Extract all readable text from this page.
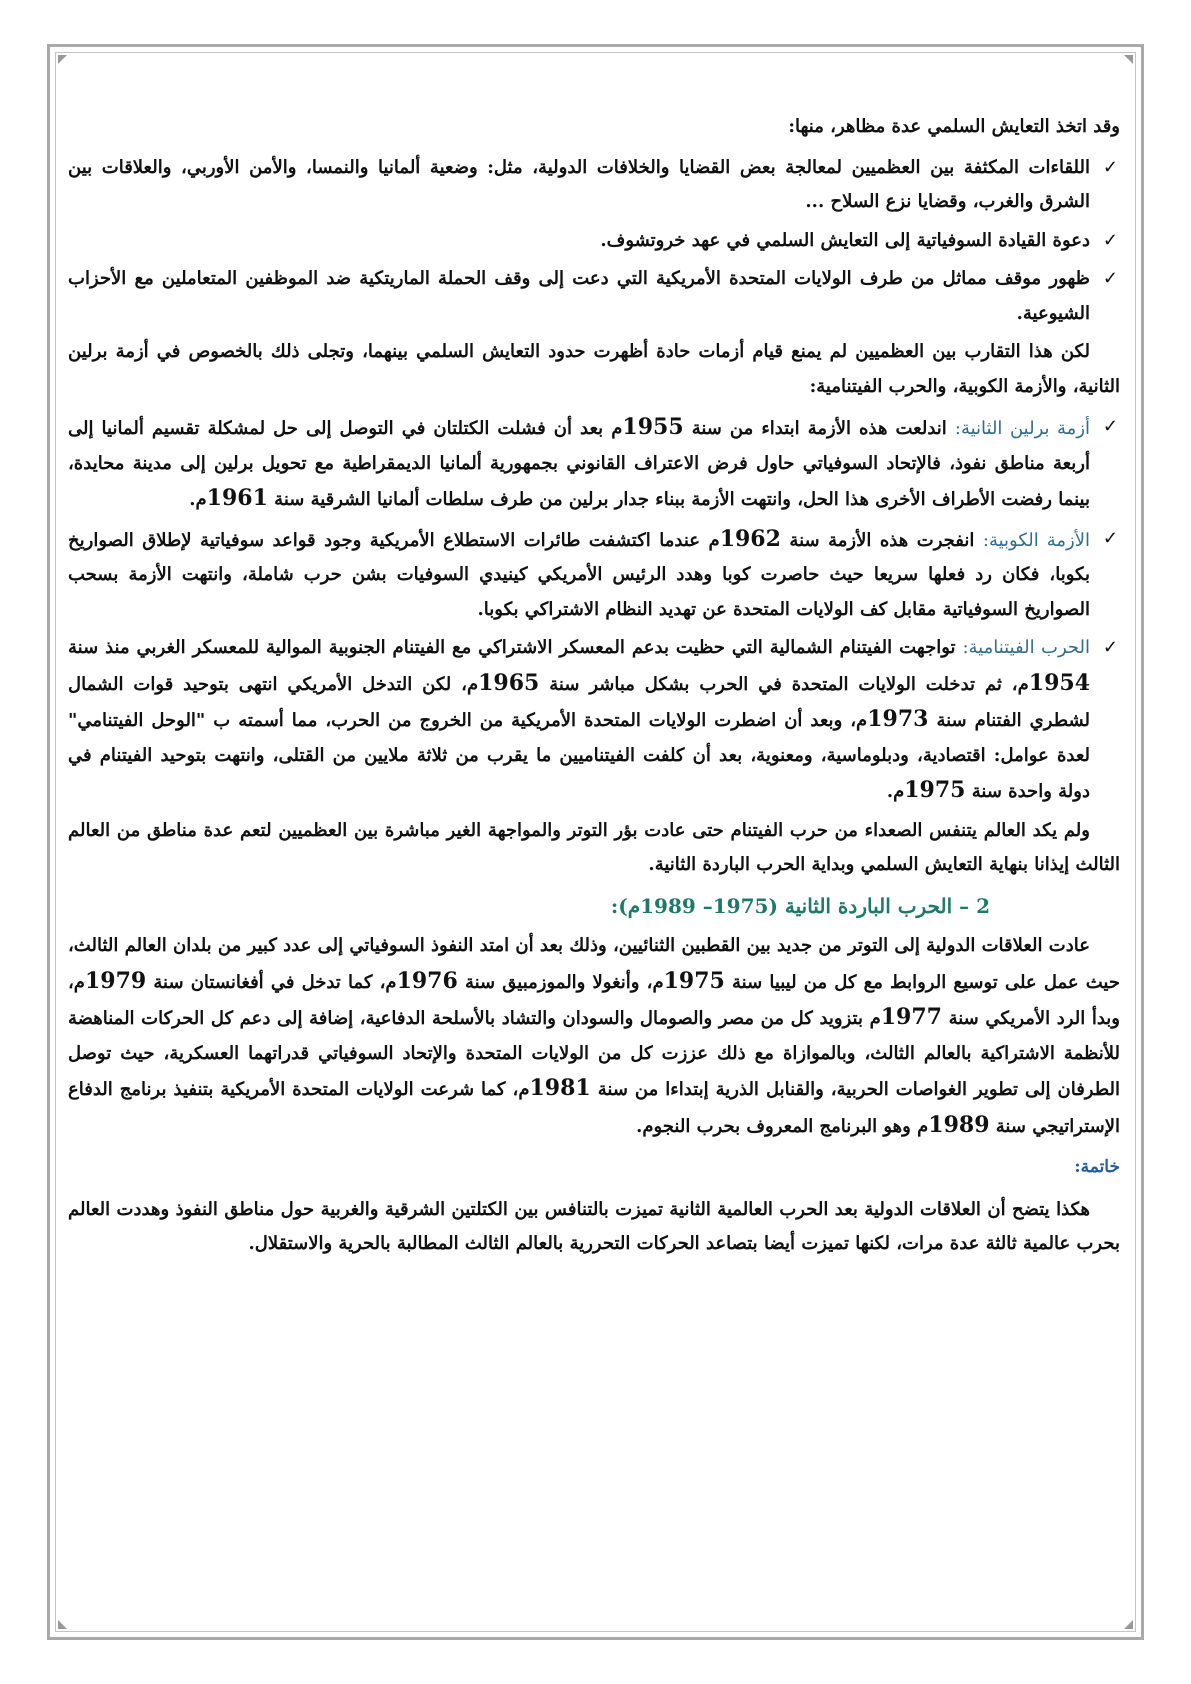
وقد اتخذ التعايش السلمي عدة مظاهر، منها:

✓
اللقاءات المكثفة بين العظميين لمعالجة بعض القضايا والخلافات الدولية، مثل: وضعية ألمانيا والنمسا، والأمن الأوربي، والعلاقات بين الشرق والغرب، وقضايا نزع السلاح ...
✓
دعوة القيادة السوفياتية إلى التعايش السلمي في عهد خروتشوف.
✓
ظهور موقف مماثل من طرف الولايات المتحدة الأمريكية التي دعت إلى وقف الحملة الماريتكية ضد الموظفين المتعاملين مع الأحزاب الشيوعية.

لكن هذا التقارب بين العظميين لم يمنع قيام أزمات حادة أظهرت حدود التعايش السلمي بينهما، وتجلى ذلك بالخصوص في أزمة برلين الثانية، والأزمة الكوبية، والحرب الفيتنامية:

✓
أزمة برلين الثانية: اندلعت هذه الأزمة ابتداء من سنة 1955م بعد أن فشلت الكتلتان في التوصل إلى حل لمشكلة تقسيم ألمانيا إلى أربعة مناطق نفوذ، فالإتحاد السوفياتي حاول فرض الاعتراف القانوني بجمهورية ألمانيا الديمقراطية مع تحويل برلين إلى مدينة محايدة، بينما رفضت الأطراف الأخرى هذا الحل، وانتهت الأزمة ببناء جدار برلين من طرف سلطات ألمانيا الشرقية سنة 1961م.
✓
الأزمة الكوبية: انفجرت هذه الأزمة سنة 1962م عندما اكتشفت طائرات الاستطلاع الأمريكية وجود قواعد سوفياتية لإطلاق الصواريخ بكوبا، فكان رد فعلها سريعا حيث حاصرت كوبا وهدد الرئيس الأمريكي كينيدي السوفيات بشن حرب شاملة، وانتهت الأزمة بسحب الصواريخ السوفياتية مقابل كف الولايات المتحدة عن تهديد النظام الاشتراكي بكوبا.
✓
الحرب الفيتنامية: تواجهت الفيتنام الشمالية التي حظيت بدعم المعسكر الاشتراكي مع الفيتنام الجنوبية الموالية للمعسكر الغربي منذ سنة 1954م، ثم تدخلت الولايات المتحدة في الحرب بشكل مباشر سنة 1965م، لكن التدخل الأمريكي انتهى بتوحيد قوات الشمال لشطري الفتنام سنة 1973م، وبعد أن اضطرت الولايات المتحدة الأمريكية من الخروج من الحرب، مما أسمته ب "الوحل الفيتنامي" لعدة عوامل: اقتصادية، ودبلوماسية، ومعنوية، بعد أن كلفت الفيتناميين ما يقرب من ثلاثة ملايين من القتلى، وانتهت بتوحيد الفيتنام في دولة واحدة سنة 1975م.

ولم يكد العالم يتنفس الصعداء من حرب الفيتنام حتى عادت بؤر التوتر والمواجهة الغير مباشرة بين العظميين لتعم عدة مناطق من العالم الثالث إيذانا بنهاية التعايش السلمي وبداية الحرب الباردة الثانية.

2 – الحرب الباردة الثانية (1975– 1989م):

عادت العلاقات الدولية إلى التوتر من جديد بين القطبين الثنائيين، وذلك بعد أن امتد النفوذ السوفياتي إلى عدد كبير من بلدان العالم الثالث، حيث عمل على توسيع الروابط مع كل من ليبيا سنة 1975م، وأنغولا والموزمبيق سنة 1976م، كما تدخل في أفغانستان سنة 1979م، وبدأ الرد الأمريكي سنة 1977م بتزويد كل من مصر والصومال والسودان والتشاد بالأسلحة الدفاعية، إضافة إلى دعم كل الحركات المناهضة للأنظمة الاشتراكية بالعالم الثالث، وبالموازاة مع ذلك عززت كل من الولايات المتحدة والإتحاد السوفياتي قدراتهما العسكرية، حيث توصل الطرفان إلى تطوير الغواصات الحربية، والقنابل الذرية إبتداءا من سنة 1981م، كما شرعت الولايات المتحدة الأمريكية بتنفيذ برنامج الدفاع الإستراتيجي سنة 1989م وهو البرنامج المعروف بحرب النجوم.

خاتمة:

هكذا يتضح أن العلاقات الدولية بعد الحرب العالمية الثانية تميزت بالتنافس بين الكتلتين الشرقية والغربية حول مناطق النفوذ وهددت العالم بحرب عالمية ثالثة عدة مرات، لكنها تميزت أيضا بتصاعد الحركات التحررية بالعالم الثالث المطالبة بالحرية والاستقلال.
